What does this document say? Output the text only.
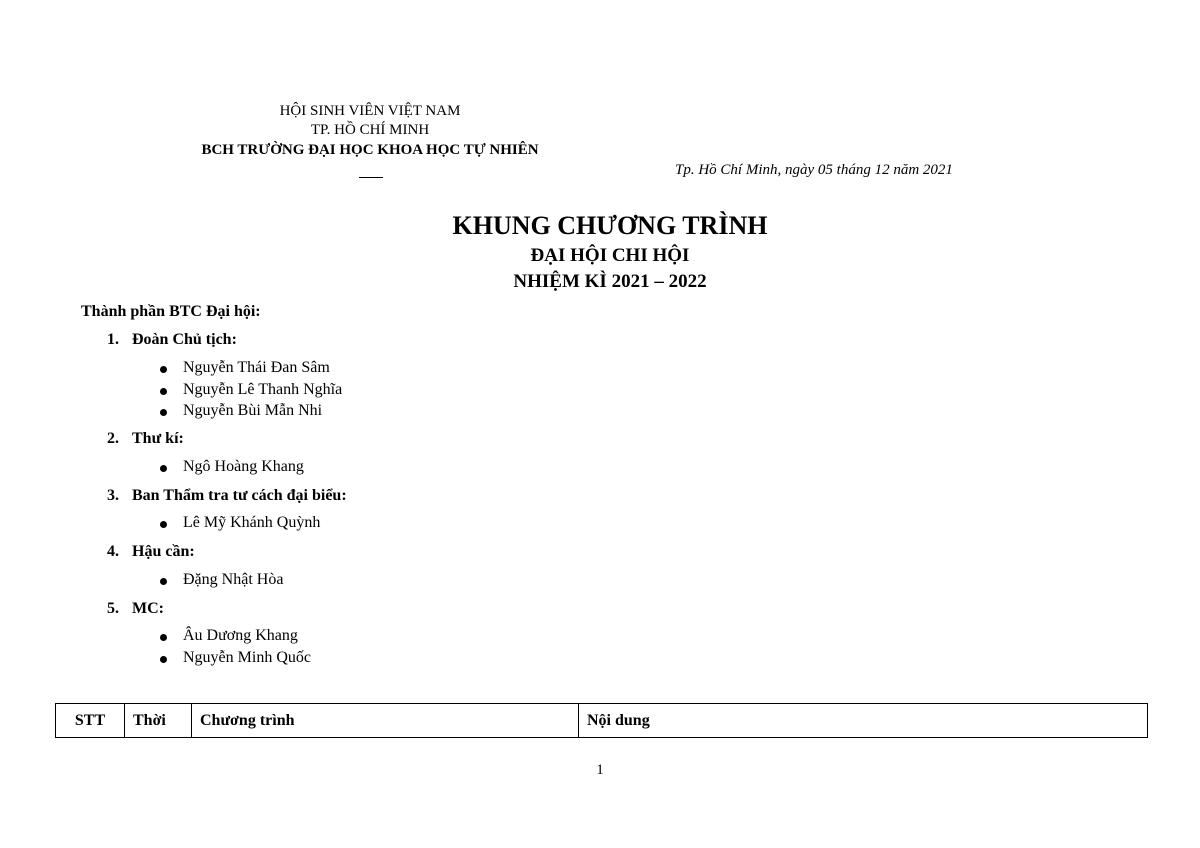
HỘI SINH VIÊN VIỆT NAM
TP. HỒ CHÍ MINH
BCH TRƯỜNG ĐẠI HỌC KHOA HỌC TỰ NHIÊN
Tp. Hồ Chí Minh, ngày 05 tháng 12 năm 2021
KHUNG CHƯƠNG TRÌNH
ĐẠI HỘI CHI HỘI
NHIỆM KÌ 2021 – 2022
Thành phần BTC Đại hội:
1. Đoàn Chủ tịch:
Nguyễn Thái Đan Sâm
Nguyễn Lê Thanh Nghĩa
Nguyễn Bùi Mẫn Nhi
2. Thư kí:
Ngô Hoàng Khang
3. Ban Thẩm tra tư cách đại biểu:
Lê Mỹ Khánh Quỳnh
4. Hậu cần:
Đặng Nhật Hòa
5. MC:
Âu Dương Khang
Nguyễn Minh Quốc
STT	Thời	Chương trình	Nội dung
1
